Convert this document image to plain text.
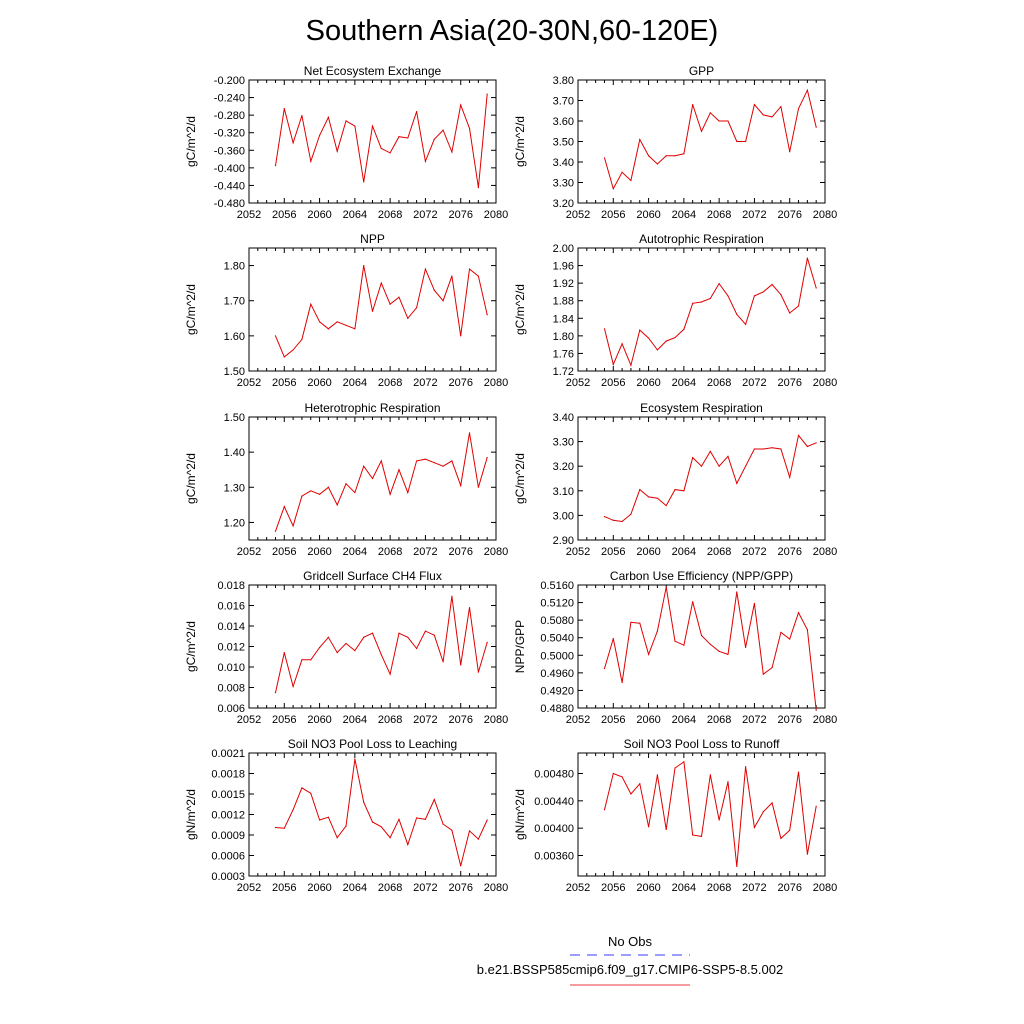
Southern Asia(20-30N,60-120E)
Net Ecosystem Exchange
2052 2056 2060 2064 2068 2072 2076 2080
-0.200
-0.240
-0.280
-0.320
-0.360
-0.400
-0.440
-0.480
gC/m^2/d
GPP
2052 2056 2060 2064 2068 2072 2076 2080
3.80
3.70
3.60
3.50
3.40
3.30
3.20
gC/m^2/d
NPP
2052 2056 2060 2064 2068 2072 2076 2080
1.80
1.70
1.60
1.50
gC/m^2/d
Autotrophic Respiration
2052 2056 2060 2064 2068 2072 2076 2080
2.00
1.96
1.92
1.88
1.84
1.80
1.76
1.72
gC/m^2/d
Heterotrophic Respiration
2052 2056 2060 2064 2068 2072 2076 2080
1.50
1.40
1.30
1.20
gC/m^2/d
Ecosystem Respiration
2052 2056 2060 2064 2068 2072 2076 2080
3.40
3.30
3.20
3.10
3.00
2.90
gC/m^2/d
Gridcell Surface CH4 Flux
2052 2056 2060 2064 2068 2072 2076 2080
0.018
0.016
0.014
0.012
0.010
0.008
0.006
gC/m^2/d
Carbon Use Efficiency (NPP/GPP)
2052 2056 2060 2064 2068 2072 2076 2080
0.5160
0.5120
0.5080
0.5040
0.5000
0.4960
0.4920
0.4880
NPP/GPP
Soil NO3 Pool Loss to Leaching
2052 2056 2060 2064 2068 2072 2076 2080
0.0021
0.0018
0.0015
0.0012
0.0009
0.0006
0.0003
gN/m^2/d
Soil NO3 Pool Loss to Runoff
2052 2056 2060 2064 2068 2072 2076 2080
0.00480
0.00440
0.00400
0.00360
gN/m^2/d
No Obs
b.e21.BSSP585cmip6.f09_g17.CMIP6-SSP5-8.5.002
